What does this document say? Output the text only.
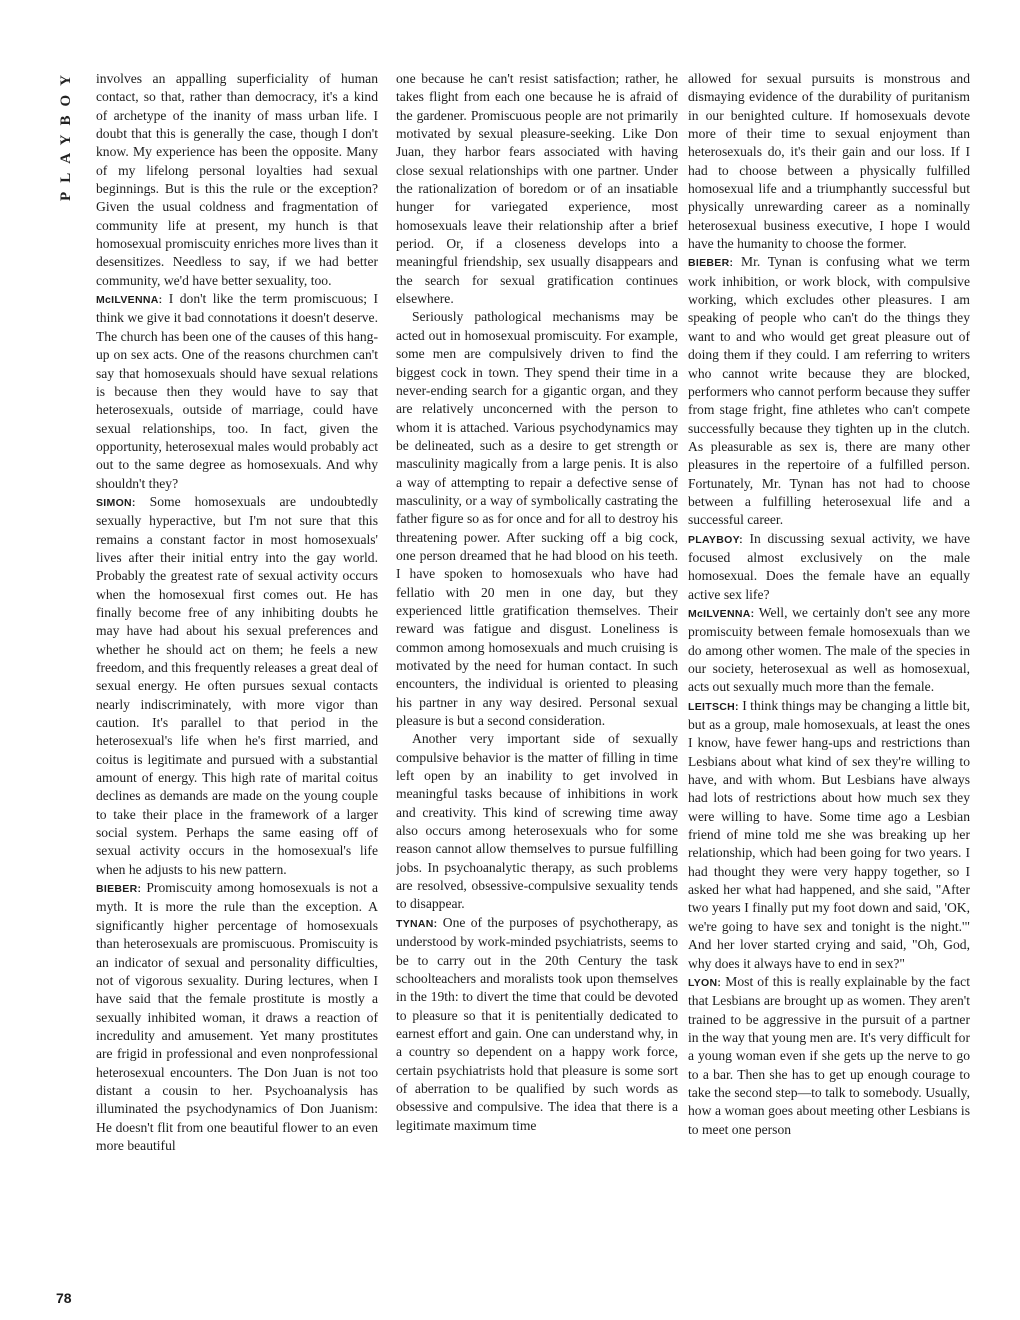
PLAYBOY involves an appalling superficiality of human contact, so that, rather than democracy, it's a kind of archetype of the inanity of mass urban life. I doubt that this is generally the case, though I don't know. My experience has been the opposite. Many of my lifelong personal loyalties had sexual beginnings. But is this the rule or the exception? Given the usual coldness and fragmentation of community life at present, my hunch is that homosexual promiscuity enriches more lives than it desensitizes. Needless to say, if we had better community, we'd have better sexuality, too.

McILVENNA: I don't like the term promiscuous; I think we give it bad connotations it doesn't deserve. The church has been one of the causes of this hang-up on sex acts. One of the reasons churchmen can't say that homosexuals should have sexual relations is because then they would have to say that heterosexuals, outside of marriage, could have sexual relationships, too. In fact, given the opportunity, heterosexual males would probably act out to the same degree as homosexuals. And why shouldn't they?

SIMON: Some homosexuals are undoubtedly sexually hyperactive, but I'm not sure that this remains a constant factor in most homosexuals' lives after their initial entry into the gay world. Probably the greatest rate of sexual activity occurs when the homosexual first comes out. He has finally become free of any inhibiting doubts he may have had about his sexual preferences and whether he should act on them; he feels a new freedom, and this frequently releases a great deal of sexual energy. He often pursues sexual contacts nearly indiscriminately, with more vigor than caution. It's parallel to that period in the heterosexual's life when he's first married, and coitus is legitimate and pursued with a substantial amount of energy. This high rate of marital coitus declines as demands are made on the young couple to take their place in the framework of a larger social system. Perhaps the same easing off of sexual activity occurs in the homosexual's life when he adjusts to his new pattern.

BIEBER: Promiscuity among homosexuals is not a myth. It is more the rule than the exception. A significantly higher percentage of homosexuals than heterosexuals are promiscuous. Promiscuity is an indicator of sexual and personality difficulties, not of vigorous sexuality. During lectures, when I have said that the female prostitute is mostly a sexually inhibited woman, it draws a reaction of incredulity and amusement. Yet many prostitutes are frigid in professional and even nonprofessional heterosexual encounters. The Don Juan is not too distant a cousin to her. Psychoanalysis has illuminated the psychodynamics of Don Juanism: He doesn't flit from one beautiful flower to an even more beautiful

one because he can't resist satisfaction; rather, he takes flight from each one because he is afraid of the gardener. Promiscuous people are not primarily motivated by sexual pleasure-seeking. Like Don Juan, they harbor fears associated with having close sexual relationships with one partner. Under the rationalization of boredom or of an insatiable hunger for variegated experience, most homosexuals leave their relationship after a brief period. Or, if a closeness develops into a meaningful friendship, sex usually disappears and the search for sexual gratification continues elsewhere.

Seriously pathological mechanisms may be acted out in homosexual promiscuity. For example, some men are compulsively driven to find the biggest cock in town. They spend their time in a never-ending search for a gigantic organ, and they are relatively unconcerned with the person to whom it is attached. Various psychodynamics may be delineated, such as a desire to get strength or masculinity magically from a large penis. It is also a way of attempting to repair a defective sense of masculinity, or a way of symbolically castrating the father figure so as for once and for all to destroy his threatening power. After sucking off a big cock, one person dreamed that he had blood on his teeth. I have spoken to homosexuals who have had fellatio with 20 men in one day, but they experienced little gratification themselves. Their reward was fatigue and disgust. Loneliness is common among homosexuals and much cruising is motivated by the need for human contact. In such encounters, the individual is oriented to pleasing his partner in any way desired. Personal sexual pleasure is but a second consideration.

Another very important side of sexually compulsive behavior is the matter of filling in time left open by an inability to get involved in meaningful tasks because of inhibitions in work and creativity. This kind of screwing time away also occurs among heterosexuals who for some reason cannot allow themselves to pursue fulfilling jobs. In psychoanalytic therapy, as such problems are resolved, obsessive-compulsive sexuality tends to disappear.

TYNAN: One of the purposes of psychotherapy, as understood by work-minded psychiatrists, seems to be to carry out in the 20th Century the task schoolteachers and moralists took upon themselves in the 19th: to divert the time that could be devoted to pleasure so that it is penitentially dedicated to earnest effort and gain. One can understand why, in a country so dependent on a happy work force, certain psychiatrists hold that pleasure is some sort of aberration to be qualified by such words as obsessive and compulsive. The idea that there is a legitimate maximum time

allowed for sexual pursuits is monstrous and dismaying evidence of the durability of puritanism in our benighted culture. If homosexuals devote more of their time to sexual enjoyment than heterosexuals do, it's their gain and our loss. If I had to choose between a physically fulfilled homosexual life and a triumphantly successful but physically unrewarding career as a nominally heterosexual business executive, I hope I would have the humanity to choose the former.

BIEBER: Mr. Tynan is confusing what we term work inhibition, or work block, with compulsive working, which excludes other pleasures. I am speaking of people who can't do the things they want to and who would get great pleasure out of doing them if they could. I am referring to writers who cannot write because they are blocked, performers who cannot perform because they suffer from stage fright, fine athletes who can't compete successfully because they tighten up in the clutch. As pleasurable as sex is, there are many other pleasures in the repertoire of a fulfilled person. Fortunately, Mr. Tynan has not had to choose between a fulfilling heterosexual life and a successful career.

PLAYBOY: In discussing sexual activity, we have focused almost exclusively on the male homosexual. Does the female have an equally active sex life?

McILVENNA: Well, we certainly don't see any more promiscuity between female homosexuals than we do among other women. The male of the species in our society, heterosexual as well as homosexual, acts out sexually much more than the female.

LEITSCH: I think things may be changing a little bit, but as a group, male homosexuals, at least the ones I know, have fewer hang-ups and restrictions than Lesbians about what kind of sex they're willing to have, and with whom. But Lesbians have always had lots of restrictions about how much sex they were willing to have. Some time ago a Lesbian friend of mine told me she was breaking up her relationship, which had been going for two years. I had thought they were very happy together, so I asked her what had happened, and she said, "After two years I finally put my foot down and said, 'OK, we're going to have sex and tonight is the night.'" And her lover started crying and said, "Oh, God, why does it always have to end in sex?"

LYON: Most of this is really explainable by the fact that Lesbians are brought up as women. They aren't trained to be aggressive in the pursuit of a partner in the way that young men are. It's very difficult for a young woman even if she gets up the nerve to go to a bar. Then she has to get up enough courage to take the second step—to talk to somebody. Usually, how a woman goes about meeting other Lesbians is to meet one person

78
